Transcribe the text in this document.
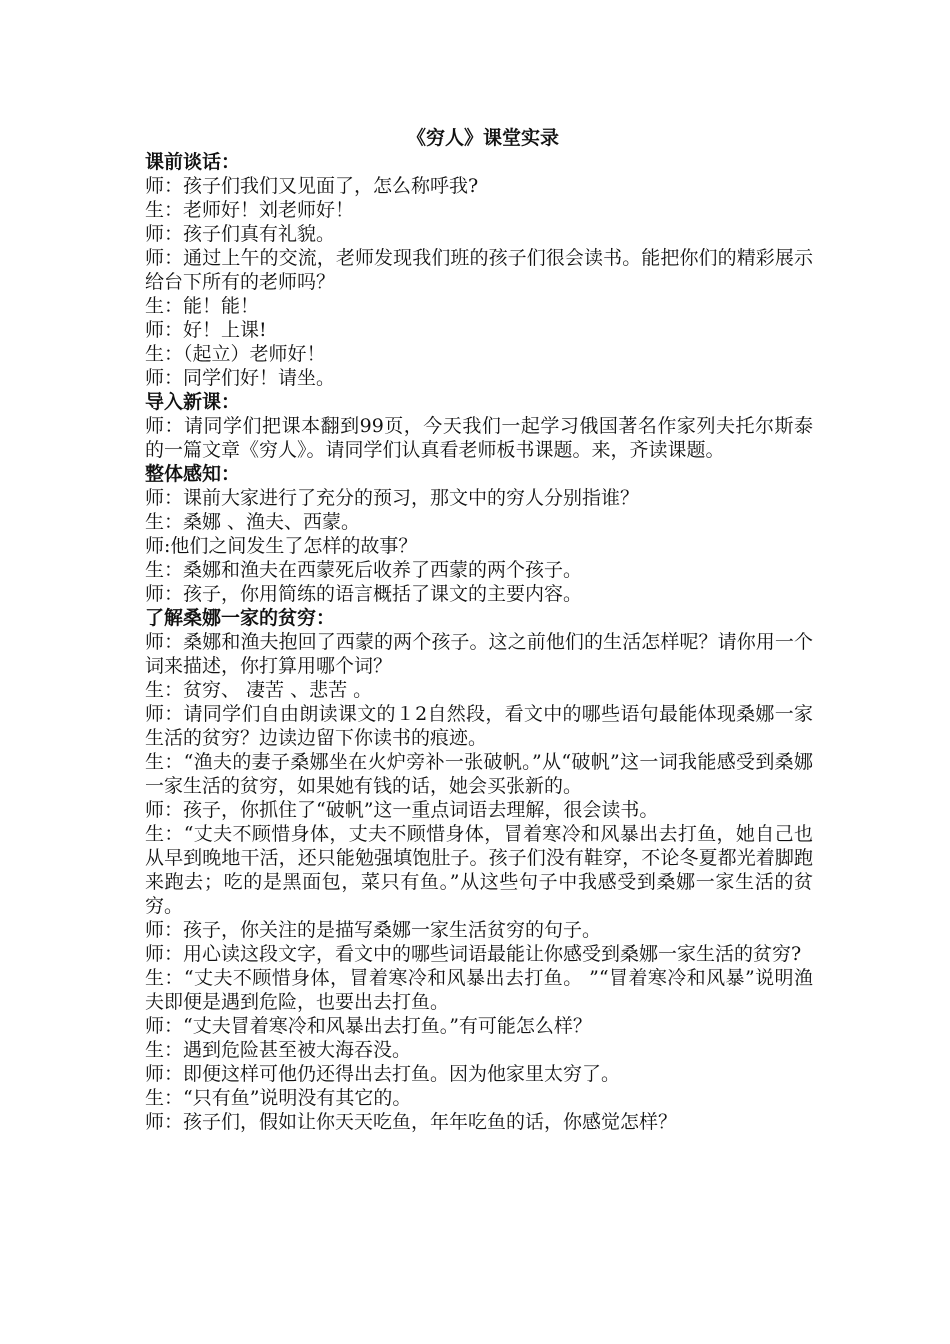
《穷人》课堂实录

课前谈话：

师：孩子们我们又见面了，怎么称呼我?

生：老师好！刘老师好！

师：孩子们真有礼貌。

师：通过上午的交流，老师发现我们班的孩子们很会读书。能把你们的精彩展示给台下所有的老师吗？

生：能！能！

师：好！上课!

生：（起立）老师好！

师：同学们好！请坐。

导入新课：

师：请同学们把课本翻到99页，今天我们一起学习俄国著名作家列夫托尔斯泰的一篇文章《穷人》。请同学们认真看老师板书课题。来，齐读课题。

整体感知：

师：课前大家进行了充分的预习，那文中的穷人分别指谁？

生：桑娜 、渔夫、西蒙。

师:他们之间发生了怎样的故事？

生：桑娜和渔夫在西蒙死后收养了西蒙的两个孩子。

师：孩子，你用简练的语言概括了课文的主要内容。

了解桑娜一家的贫穷：

师：桑娜和渔夫抱回了西蒙的两个孩子。这之前他们的生活怎样呢？请你用一个词来描述，你打算用哪个词？

生：贫穷、 凄苦 、悲苦 。

师：请同学们自由朗读课文的１2自然段，看文中的哪些语句最能体现桑娜一家生活的贫穷？边读边留下你读书的痕迹。

生：“渔夫的妻子桑娜坐在火炉旁补一张破帆。”从“破帆”这一词我能感受到桑娜一家生活的贫穷，如果她有钱的话，她会买张新的。

师：孩子，你抓住了“破帆”这一重点词语去理解，很会读书。

生：“丈夫不顾惜身体，丈夫不顾惜身体，冒着寒冷和风暴出去打鱼，她自己也从早到晚地干活，还只能勉强填饱肚子。孩子们没有鞋穿，不论冬夏都光着脚跑来跑去；吃的是黑面包，菜只有鱼。”从这些句子中我感受到桑娜一家生活的贫穷。

师：孩子，你关注的是描写桑娜一家生活贫穷的句子。

师：用心读这段文字，看文中的哪些词语最能让你感受到桑娜一家生活的贫穷?

生：“丈夫不顾惜身体，冒着寒冷和风暴出去打鱼。 ”“冒着寒冷和风暴”说明渔夫即便是遇到危险，也要出去打鱼。

师：“丈夫冒着寒冷和风暴出去打鱼。”有可能怎么样？

生：遇到危险甚至被大海吞没。

师：即便这样可他仍还得出去打鱼。因为他家里太穷了。

生：“只有鱼”说明没有其它的。

师：孩子们，假如让你天天吃鱼，年年吃鱼的话，你感觉怎样？
